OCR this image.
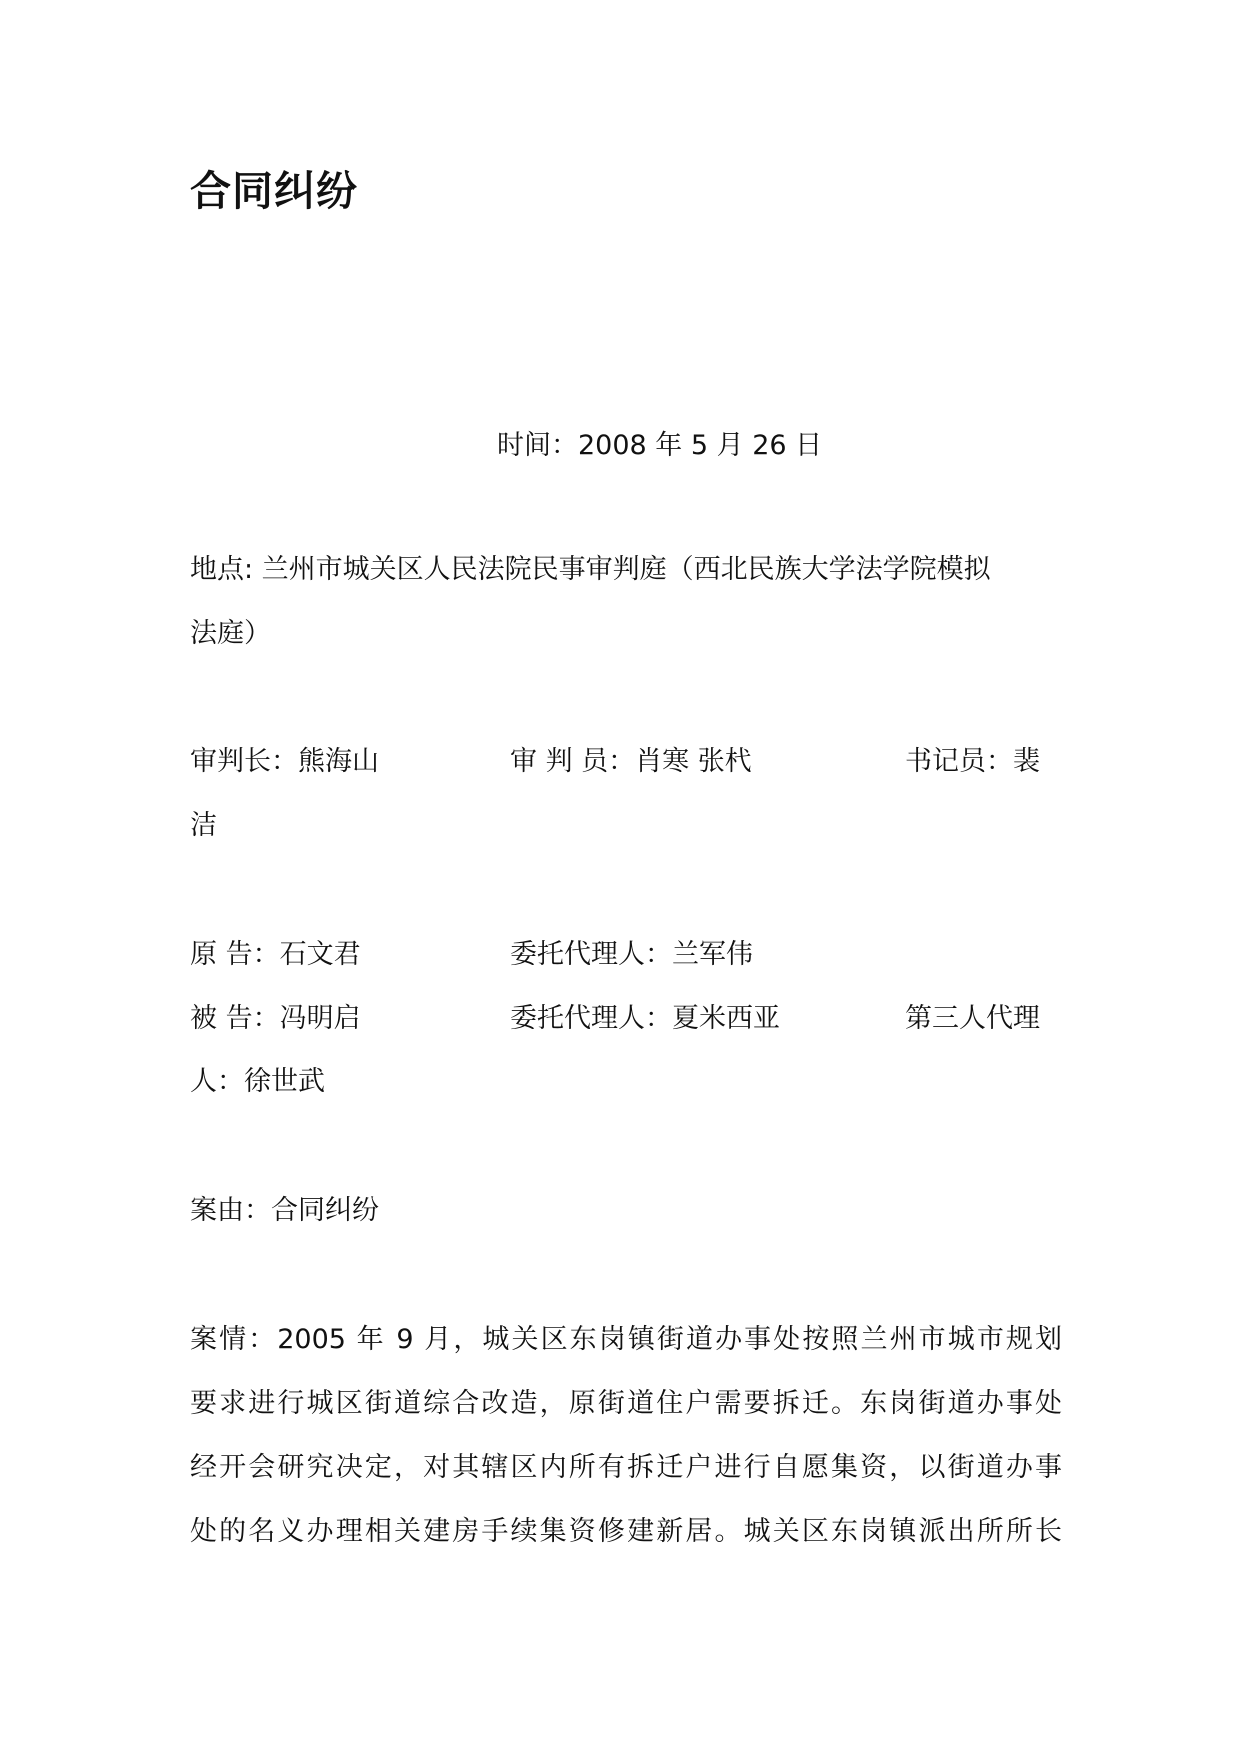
合同纠纷
时间：2008 年 5 月 26 日
地点: 兰州市城关区人民法院民事审判庭（西北民族大学法学院模拟
法庭）
审判长：熊海山	审 判 员：肖寒 张杙	书记员：裴
洁
原 告：石文君	委托代理人：兰军伟
被 告：冯明启	委托代理人：夏米西亚	第三人代理
人：徐世武
案由：合同纠纷
案情：2005 年 9 月，城关区东岗镇街道办事处按照兰州市城市规划
要求进行城区街道综合改造，原街道住户需要拆迁。东岗街道办事处
经开会研究决定，对其辖区内所有拆迁户进行自愿集资，以街道办事
处的名义办理相关建房手续集资修建新居。城关区东岗镇派出所所长
